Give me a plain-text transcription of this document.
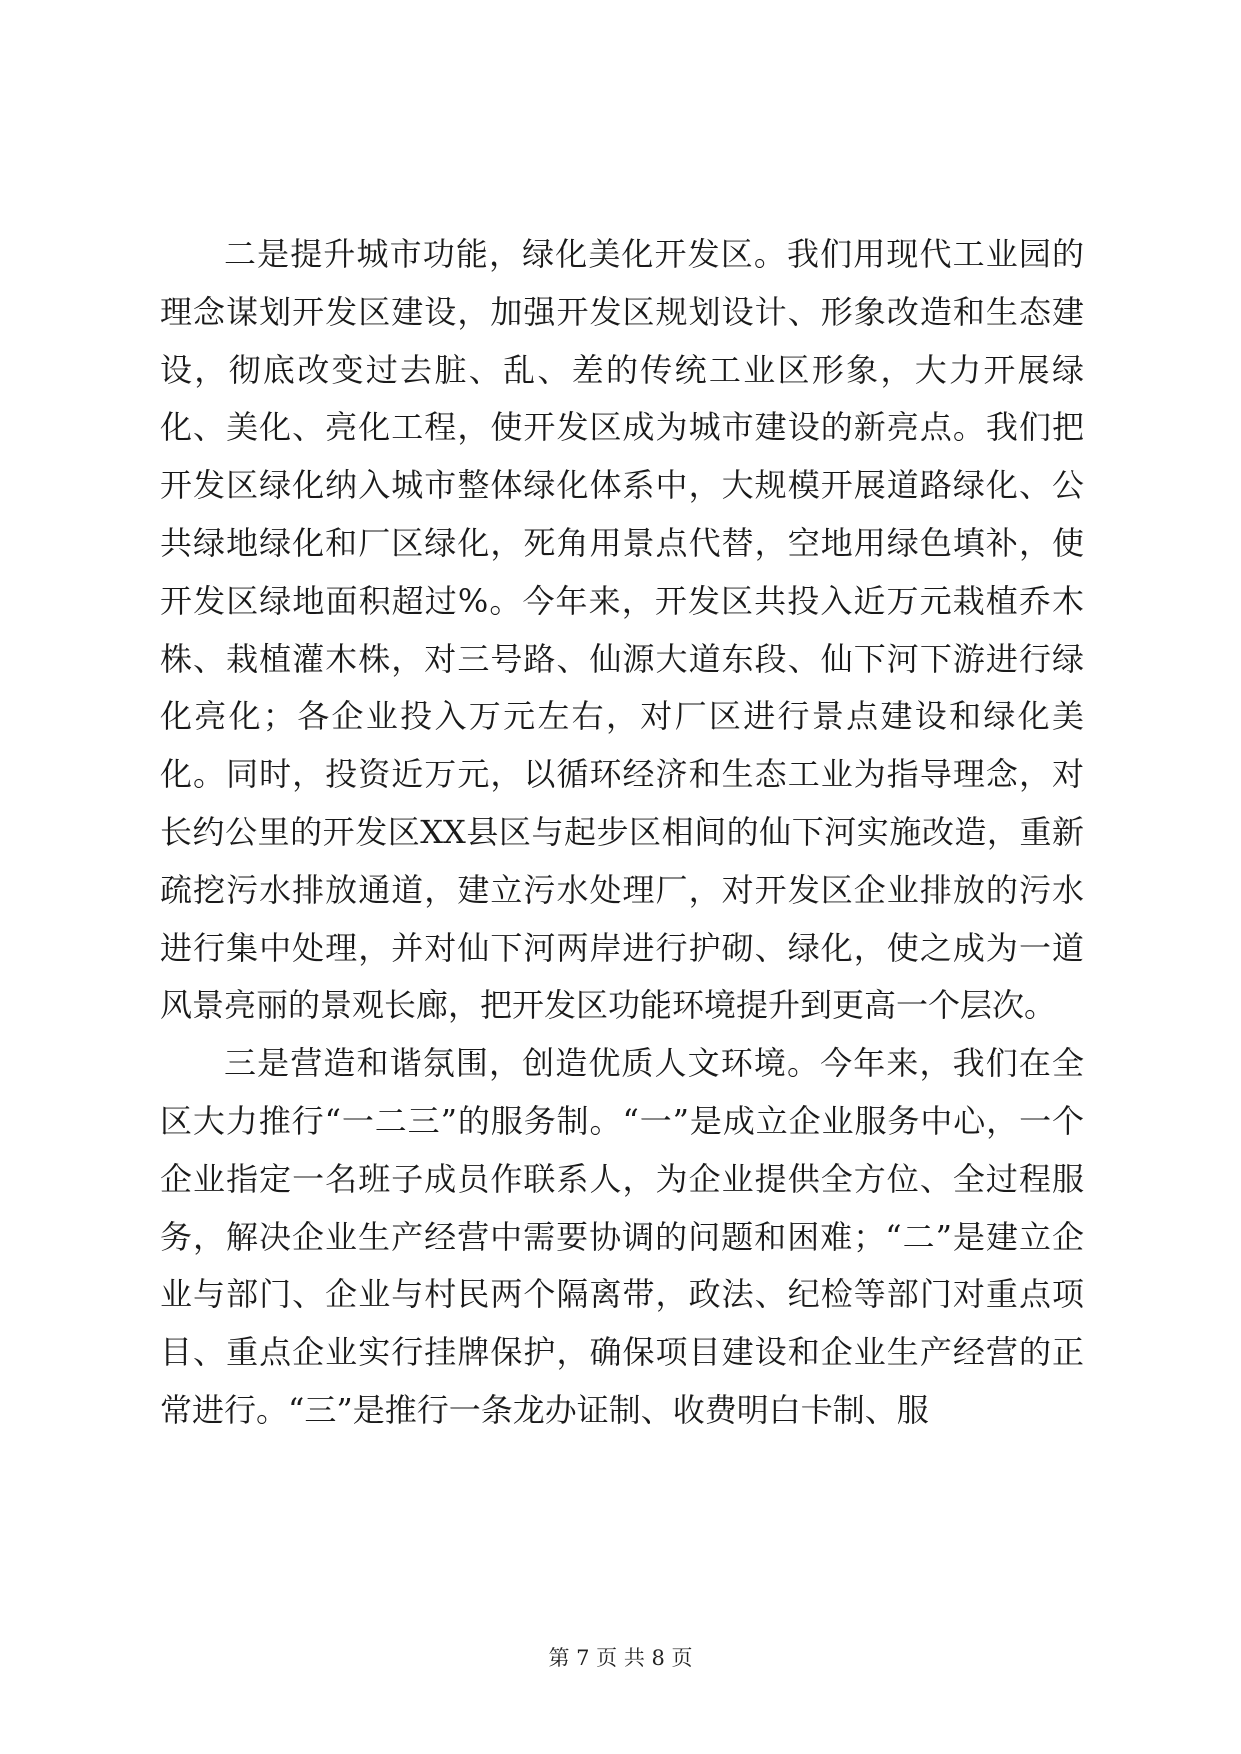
二是提升城市功能，绿化美化开发区。我们用现代工业园的理念谋划开发区建设，加强开发区规划设计、形象改造和生态建设，彻底改变过去脏、乱、差的传统工业区形象，大力开展绿化、美化、亮化工程，使开发区成为城市建设的新亮点。我们把开发区绿化纳入城市整体绿化体系中，大规模开展道路绿化、公共绿地绿化和厂区绿化，死角用景点代替，空地用绿色填补，使开发区绿地面积超过%。今年来，开发区共投入近万元栽植乔木株、栽植灌木株，对三号路、仙源大道东段、仙下河下游进行绿化亮化；各企业投入万元左右，对厂区进行景点建设和绿化美化。同时，投资近万元，以循环经济和生态工业为指导理念，对长约公里的开发区XX县区与起步区相间的仙下河实施改造，重新疏挖污水排放通道，建立污水处理厂，对开发区企业排放的污水进行集中处理，并对仙下河两岸进行护砌、绿化，使之成为一道风景亮丽的景观长廊，把开发区功能环境提升到更高一个层次。

三是营造和谐氛围，创造优质人文环境。今年来，我们在全区大力推行“一二三”的服务制。“一”是成立企业服务中心，一个企业指定一名班子成员作联系人，为企业提供全方位、全过程服务，解决企业生产经营中需要协调的问题和困难；“二”是建立企业与部门、企业与村民两个隔离带，政法、纪检等部门对重点项目、重点企业实行挂牌保护，确保项目建设和企业生产经营的正常进行。“三”是推行一条龙办证制、收费明白卡制、服

第 7 页 共 8 页
